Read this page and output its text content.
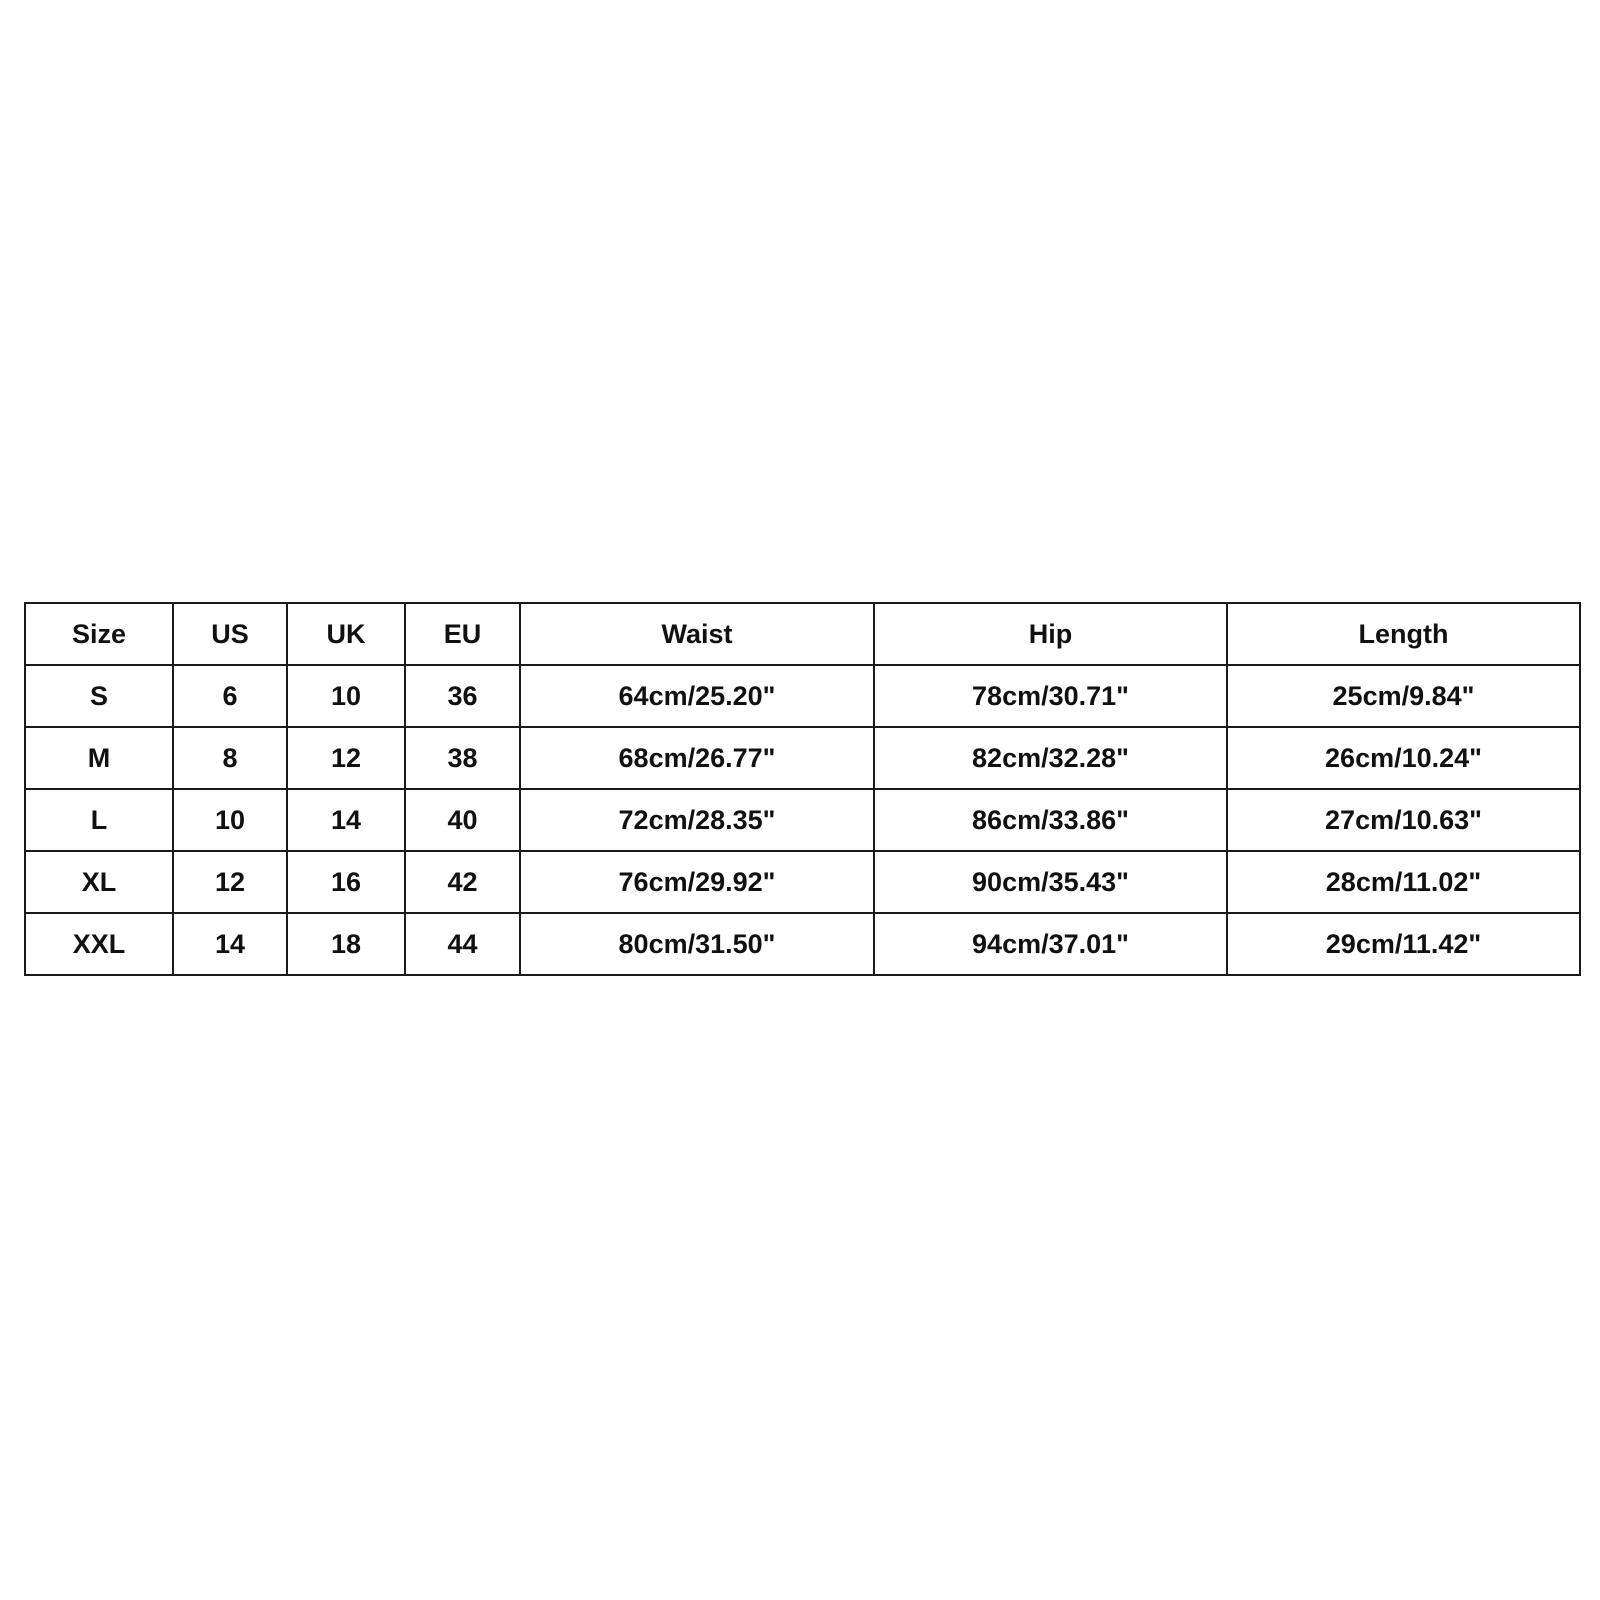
Size	US	UK	EU	Waist	Hip	Length
S	6	10	36	64cm/25.20"	78cm/30.71"	25cm/9.84"
M	8	12	38	68cm/26.77"	82cm/32.28"	26cm/10.24"
L	10	14	40	72cm/28.35"	86cm/33.86"	27cm/10.63"
XL	12	16	42	76cm/29.92"	90cm/35.43"	28cm/11.02"
XXL	14	18	44	80cm/31.50"	94cm/37.01"	29cm/11.42"
